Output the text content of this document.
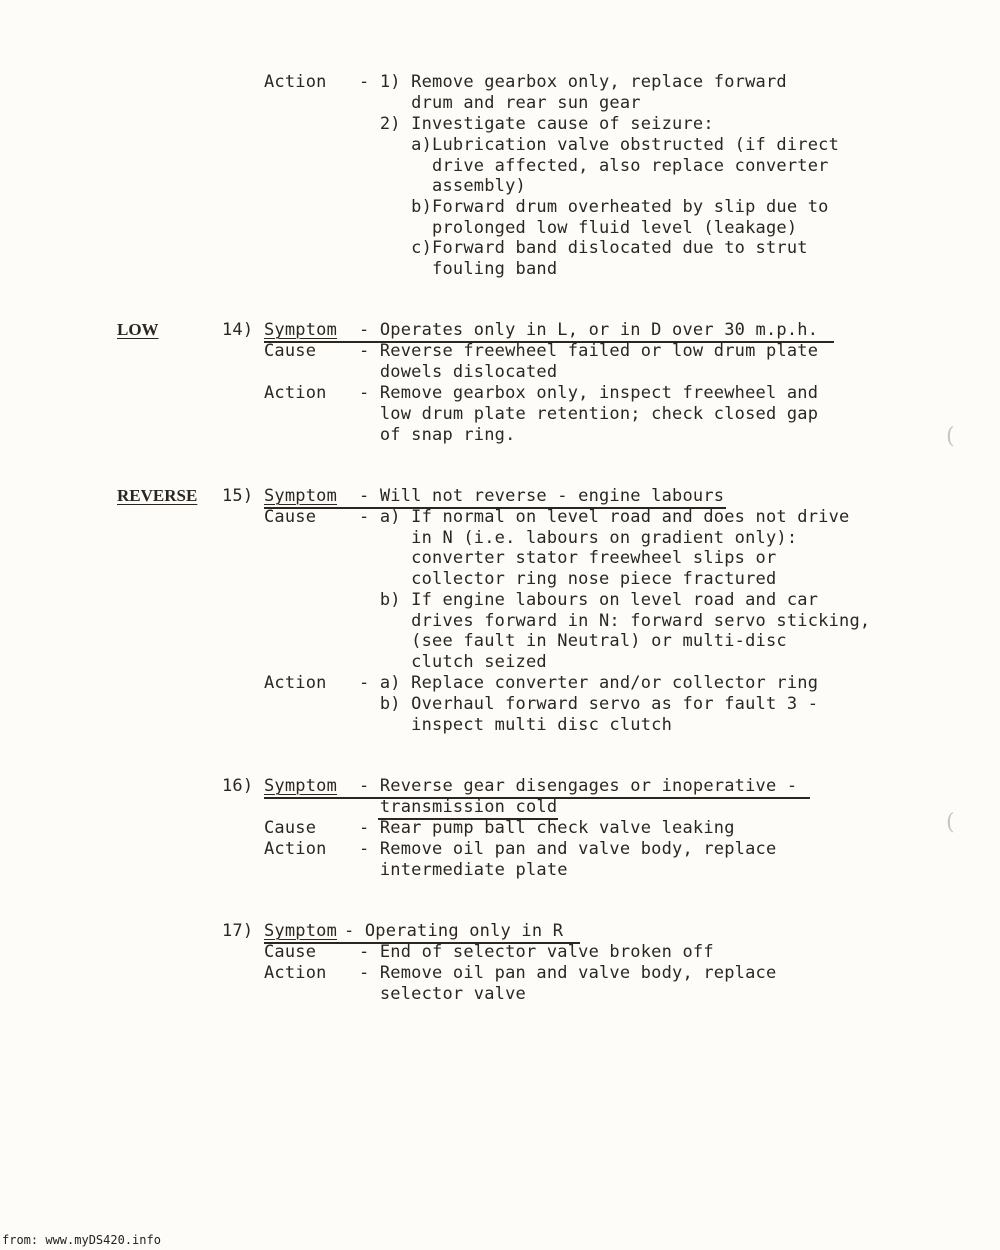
Action - 1) Remove gearbox only, replace forward
drum and rear sun gear
2) Investigate cause of seizure:
a)Lubrication valve obstructed (if direct
drive affected, also replace converter
assembly)
b)Forward drum overheated by slip due to
prolonged low fluid level (leakage)
c)Forward band dislocated due to strut
fouling band
LOW	14) Symptom - Operates only in L, or in D over 30 m.p.h.
Cause	- Reverse freewheel failed or low drum plate
dowels dislocated
Action - Remove gearbox only, inspect freewheel and
low drum plate retention; check closed gap
of snap ring.
REVERSE 15) Symptom - Will not reverse - engine labours
Cause	- a) If normal on level road and does not drive
in N (i.e. labours on gradient only):
converter stator freewheel slips or
collector ring nose piece fractured
b) If engine labours on level road and car
drives forward in N: forward servo sticking,
(see fault in Neutral) or multi-disc
clutch seized
Action - a) Replace converter and/or collector ring
b) Overhaul forward servo as for fault 3 -
inspect multi disc clutch
16) Symptom - Reverse gear disengages or inoperative -
transmission cold
Cause	- Rear pump ball check valve leaking
Action - Remove oil pan and valve body, replace
intermediate plate
17) Symptom - Operating only in R
Cause	- End of selector valve broken off
Action - Remove oil pan and valve body, replace
selector valve
(
(
from: www.myDS420.info
